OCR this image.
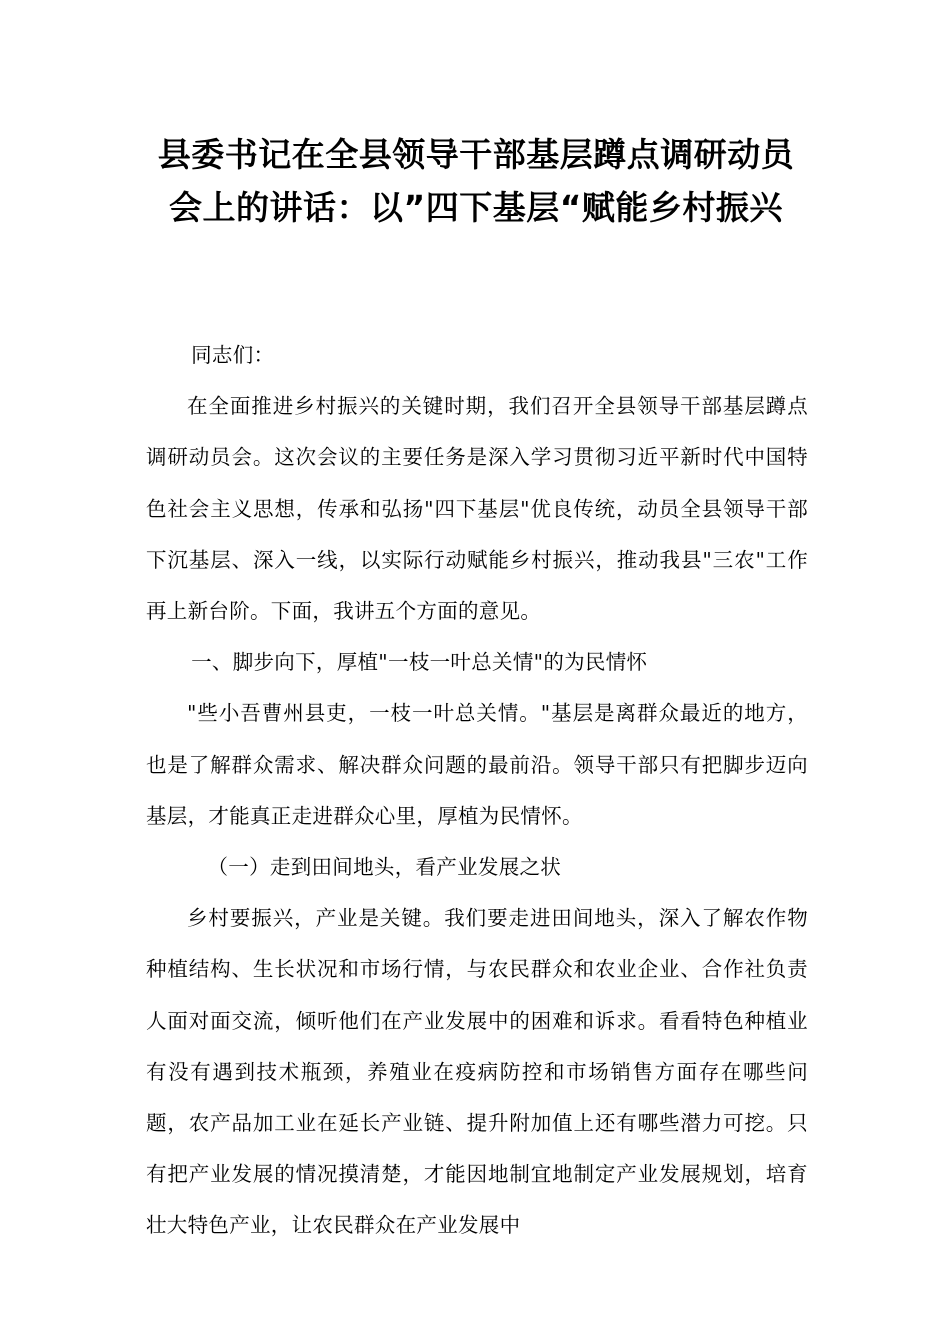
县委书记在全县领导干部基层蹲点调研动员会上的讲话：以”四下基层“赋能乡村振兴

同志们：

在全面推进乡村振兴的关键时期，我们召开全县领导干部基层蹲点调研动员会。这次会议的主要任务是深入学习贯彻习近平新时代中国特色社会主义思想，传承和弘扬"四下基层"优良传统，动员全县领导干部下沉基层、深入一线，以实际行动赋能乡村振兴，推动我县"三农"工作再上新台阶。下面，我讲五个方面的意见。

一、脚步向下，厚植"一枝一叶总关情"的为民情怀

"些小吾曹州县吏，一枝一叶总关情。"基层是离群众最近的地方，也是了解群众需求、解决群众问题的最前沿。领导干部只有把脚步迈向基层，才能真正走进群众心里，厚植为民情怀。

（一）走到田间地头，看产业发展之状

乡村要振兴，产业是关键。我们要走进田间地头，深入了解农作物种植结构、生长状况和市场行情，与农民群众和农业企业、合作社负责人面对面交流，倾听他们在产业发展中的困难和诉求。看看特色种植业有没有遇到技术瓶颈，养殖业在疫病防控和市场销售方面存在哪些问题，农产品加工业在延长产业链、提升附加值上还有哪些潜力可挖。只有把产业发展的情况摸清楚，才能因地制宜地制定产业发展规划，培育壮大特色产业，让农民群众在产业发展中
